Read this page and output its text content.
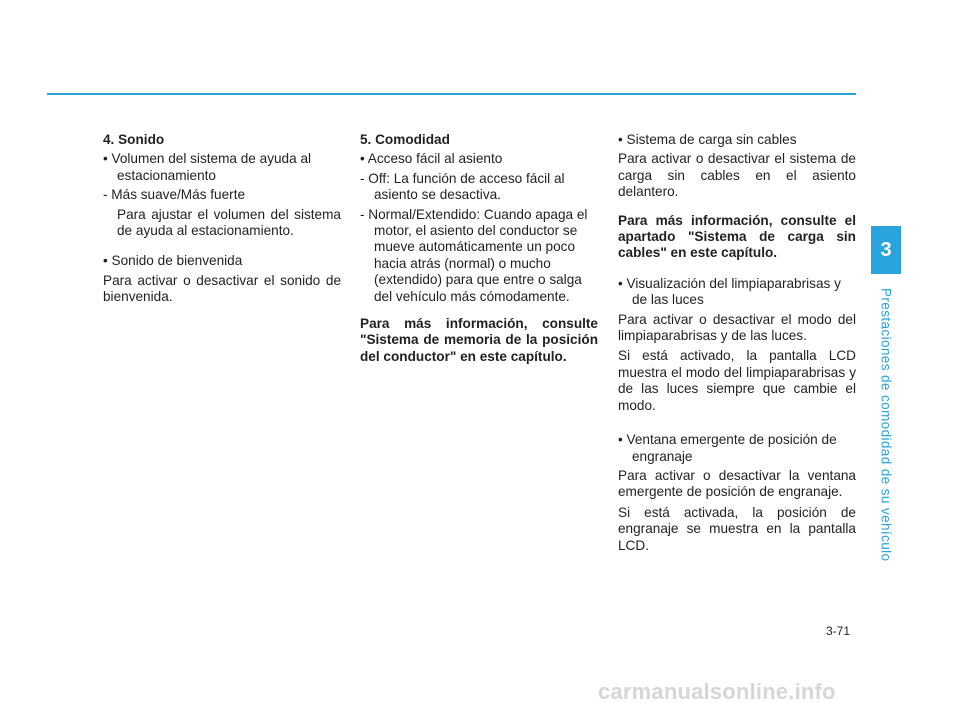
4. Sonido

• Volumen del sistema de ayuda al estacionamiento

- Más suave/Más fuerte

Para ajustar el volumen del sistema de ayuda al estacionamiento.

• Sonido de bienvenida

Para activar o desactivar el sonido de bienvenida.

5. Comodidad

• Acceso fácil al asiento

- Off: La función de acceso fácil al asiento se desactiva.

- Normal/Extendido: Cuando apaga el motor, el asiento del conductor se mueve automáticamente un poco hacia atrás (normal) o mucho (extendido) para que entre o salga del vehículo más cómodamente.

Para más información, consulte "Sistema de memoria de la posición del conductor" en este capítulo.

• Sistema de carga sin cables

Para activar o desactivar el sistema de carga sin cables en el asiento delantero.

Para más información, consulte el apartado "Sistema de carga sin cables" en este capítulo.

• Visualización del limpiaparabrisas y de las luces

Para activar o desactivar el modo del limpiaparabrisas y de las luces.

Si está activado, la pantalla LCD muestra el modo del limpiaparabrisas y de las luces siempre que cambie el modo.

• Ventana emergente de posición de engranaje

Para activar o desactivar la ventana emergente de posición de engranaje.

Si está activada, la posición de engranaje se muestra en la pantalla LCD.

3
Prestaciones de comodidad de su vehículo
3-71
carmanualsonline.info
